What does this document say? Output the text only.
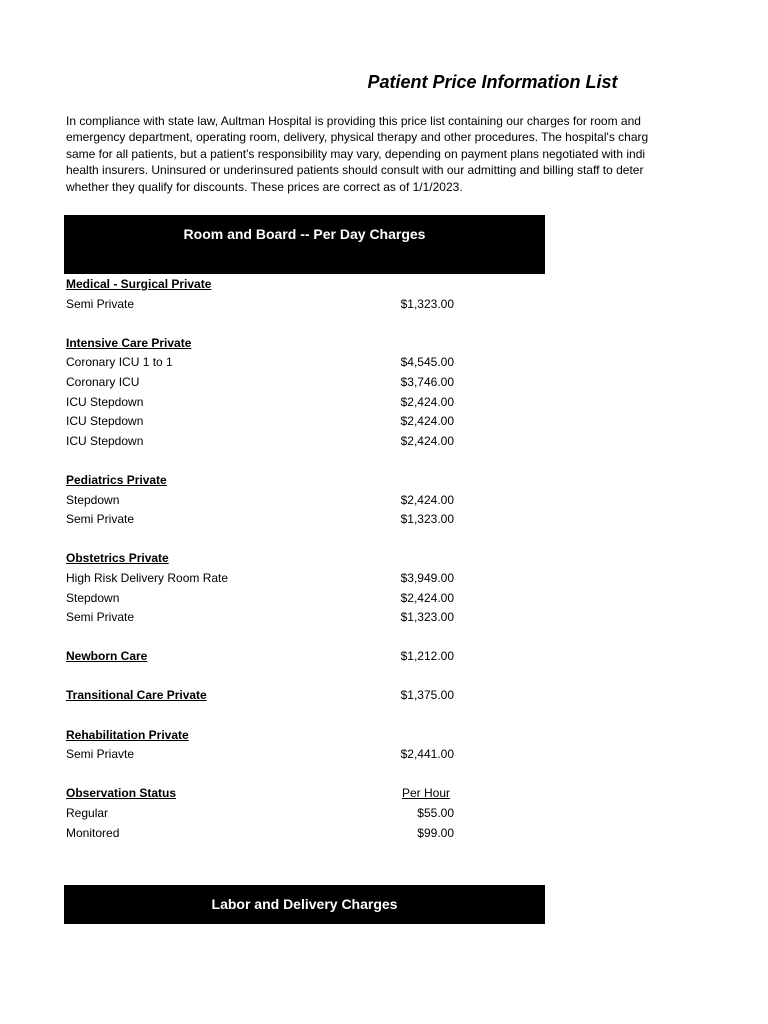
Patient Price Information List
In compliance with state law, Aultman Hospital is providing this price list containing our charges for room and
emergency department, operating room, delivery, physical therapy and other procedures. The hospital's charg
same for all patients, but a patient's responsibility may vary, depending on payment plans negotiated with indi
health insurers. Uninsured or underinsured patients should consult with our admitting and billing staff to deter
whether they qualify for discounts. These prices are correct as of 1/1/2023.
Room and Board -- Per Day Charges
Medical - Surgical Private
Semi Private	$1,323.00
Intensive Care Private
Coronary ICU 1 to 1	$4,545.00
Coronary ICU	$3,746.00
ICU Stepdown	$2,424.00
ICU Stepdown	$2,424.00
ICU Stepdown	$2,424.00
Pediatrics Private
Stepdown	$2,424.00
Semi Private	$1,323.00
Obstetrics Private
High Risk Delivery Room Rate	$3,949.00
Stepdown	$2,424.00
Semi Private	$1,323.00
Newborn Care	$1,212.00
Transitional Care Private	$1,375.00
Rehabilitation Private
Semi Priavte	$2,441.00
Observation Status	Per Hour
Regular	$55.00
Monitored	$99.00
Labor and Delivery Charges
